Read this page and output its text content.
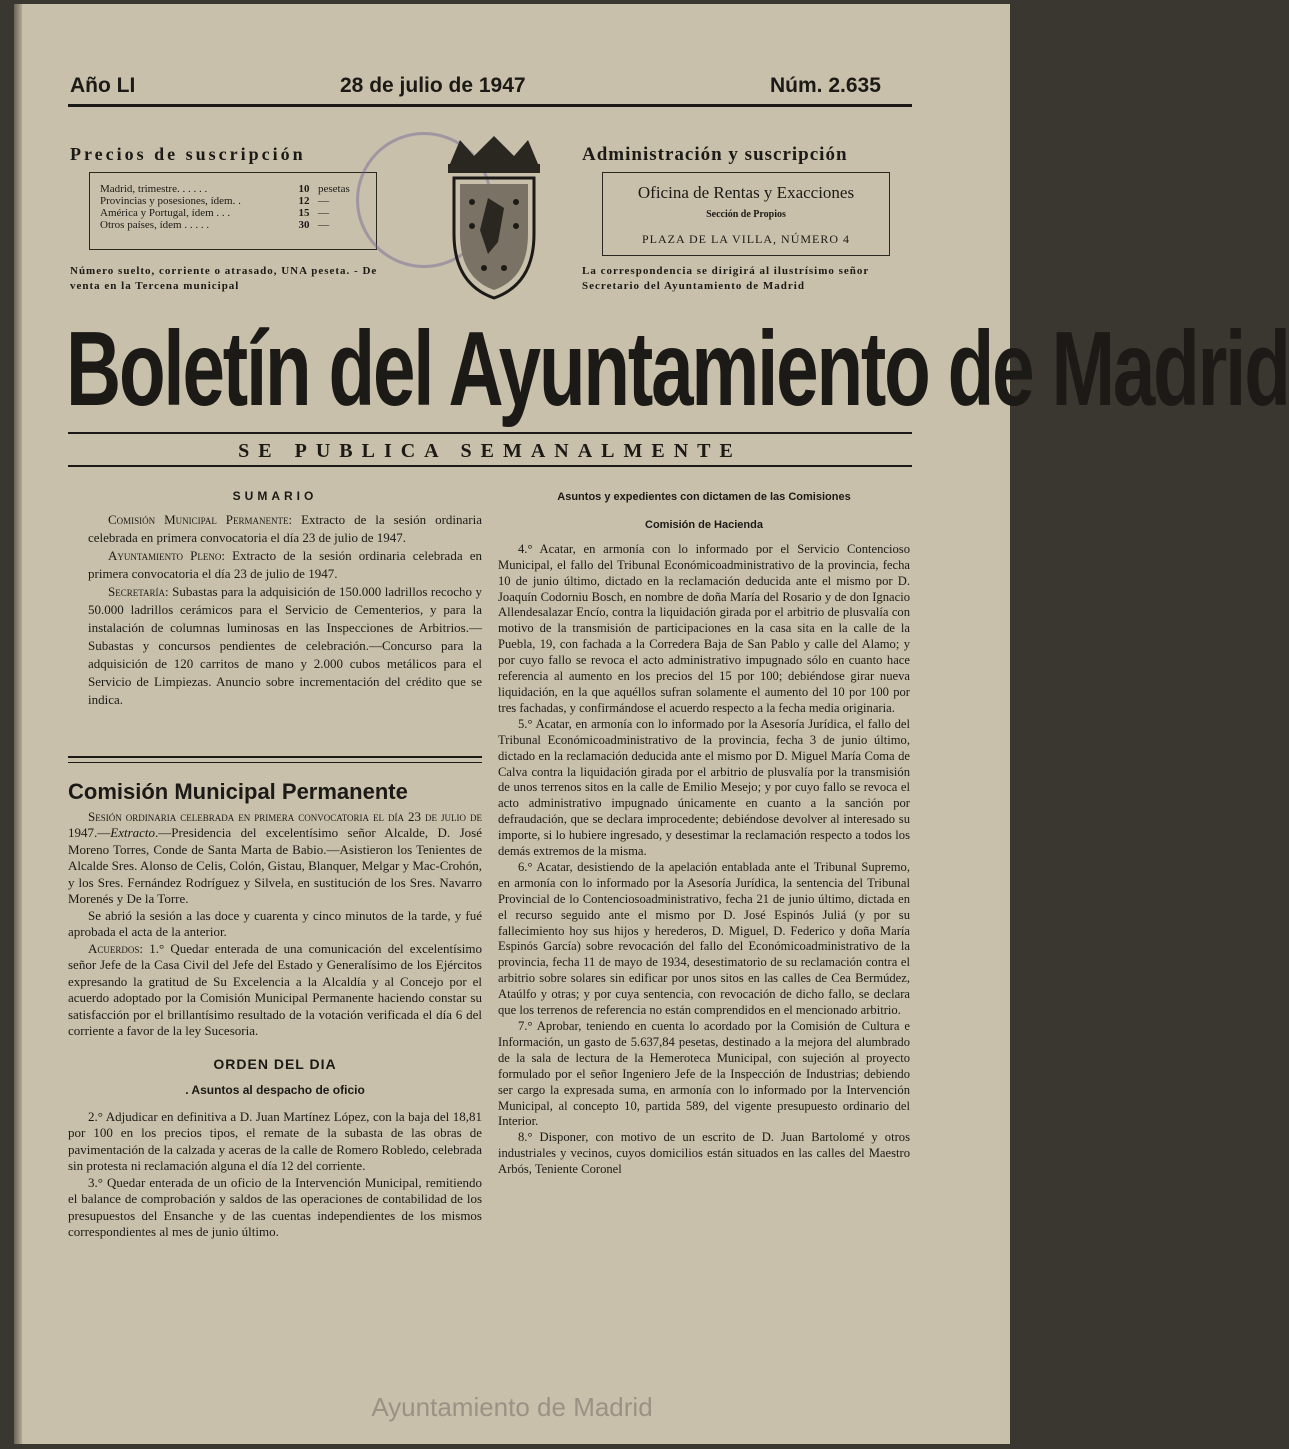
Año LI	28 de julio de 1947	Núm. 2.635
Precios de suscripción
Madrid, trimestre. . . . . .	10 pesetas
Provincias y posesiones, ídem. .	12 —
América y Portugal, ídem . . .	15 —
Otros países, ídem . . . . .	30 —
Número suelto, corriente o atrasado, UNA peseta. - De venta en la Tercena municipal
Administración y suscripción
Oficina de Rentas y Exacciones
Sección de Propios
PLAZA DE LA VILLA, NÚMERO 4
La correspondencia se dirigirá al ilustrísimo señor Secretario del Ayuntamiento de Madrid
Boletín del Ayuntamiento de Madrid
SE PUBLICA SEMANALMENTE
SUMARIO

Comisión Municipal Permanente: Extracto de la sesión ordinaria celebrada en primera convocatoria el día 23 de julio de 1947.

Ayuntamiento Pleno: Extracto de la sesión ordinaria celebrada en primera convocatoria el día 23 de julio de 1947.

Secretaría: Subastas para la adquisición de 150.000 ladrillos recocho y 50.000 ladrillos cerámicos para el Servicio de Cementerios, y para la instalación de columnas luminosas en las Inspecciones de Arbitrios.—Subastas y concursos pendientes de celebración.—Concurso para la adquisición de 120 carritos de mano y 2.000 cubos metálicos para el Servicio de Limpiezas. Anuncio sobre incrementación del crédito que se indica.

Comisión Municipal Permanente

Sesión ordinaria celebrada en primera convocatoria el día 23 de julio de 1947.—Extracto.—Presidencia del excelentísimo señor Alcalde, D. José Moreno Torres, Conde de Santa Marta de Babio.—Asistieron los Tenientes de Alcalde Sres. Alonso de Celis, Colón, Gistau, Blanquer, Melgar y Mac-Crohón, y los Sres. Fernández Rodríguez y Silvela, en sustitución de los Sres. Navarro Morenés y De la Torre.

Se abrió la sesión a las doce y cuarenta y cinco minutos de la tarde, y fué aprobada el acta de la anterior.

Acuerdos: 1.° Quedar enterada de una comunicación del excelentísimo señor Jefe de la Casa Civil del Jefe del Estado y Generalísimo de los Ejércitos expresando la gratitud de Su Excelencia a la Alcaldía y al Concejo por el acuerdo adoptado por la Comisión Municipal Permanente haciendo constar su satisfacción por el brillantísimo resultado de la votación verificada el día 6 del corriente a favor de la ley Sucesoria.

ORDEN DEL DIA
. Asuntos al despacho de oficio

2.° Adjudicar en definitiva a D. Juan Martínez López, con la baja del 18,81 por 100 en los precios tipos, el remate de la subasta de las obras de pavimentación de la calzada y aceras de la calle de Romero Robledo, celebrada sin protesta ni reclamación alguna el día 12 del corriente.

3.° Quedar enterada de un oficio de la Intervención Municipal, remitiendo el balance de comprobación y saldos de las operaciones de contabilidad de los presupuestos del Ensanche y de las cuentas independientes de los mismos correspondientes al mes de junio último.

Asuntos y expedientes con dictamen de las Comisiones
Comisión de Hacienda

4.° Acatar, en armonía con lo informado por el Servicio Contencioso Municipal, el fallo del Tribunal Económicoadministrativo de la provincia, fecha 10 de junio último, dictado en la reclamación deducida ante el mismo por D. Joaquín Codorniu Bosch, en nombre de doña María del Rosario y de don Ignacio Allendesalazar Encío, contra la liquidación girada por el arbitrio de plusvalía con motivo de la transmisión de participaciones en la casa sita en la calle de la Puebla, 19, con fachada a la Corredera Baja de San Pablo y calle del Alamo; y por cuyo fallo se revoca el acto administrativo impugnado sólo en cuanto hace referencia al aumento en los precios del 15 por 100; debiéndose girar nueva liquidación, en la que aquéllos sufran solamente el aumento del 10 por 100 por tres fachadas, y confirmándose el acuerdo respecto a la fecha media originaria.

5.° Acatar, en armonía con lo informado por la Asesoría Jurídica, el fallo del Tribunal Económicoadministrativo de la provincia, fecha 3 de junio último, dictado en la reclamación deducida ante el mismo por D. Miguel María Coma de Calva contra la liquidación girada por el arbitrio de plusvalía por la transmisión de unos terrenos sitos en la calle de Emilio Mesejo; y por cuyo fallo se revoca el acto administrativo impugnado únicamente en cuanto a la sanción por defraudación, que se declara improcedente; debiéndose devolver al interesado su importe, si lo hubiere ingresado, y desestimar la reclamación respecto a todos los demás extremos de la misma.

6.° Acatar, desistiendo de la apelación entablada ante el Tribunal Supremo, en armonía con lo informado por la Asesoría Jurídica, la sentencia del Tribunal Provincial de lo Contenciosoadministrativo, fecha 21 de junio último, dictada en el recurso seguido ante el mismo por D. José Espinós Juliá (y por su fallecimiento hoy sus hijos y herederos, D. Miguel, D. Federico y doña María Espinós García) sobre revocación del fallo del Económicoadministrativo de la provincia, fecha 11 de mayo de 1934, desestimatorio de su reclamación contra el arbitrio sobre solares sin edificar por unos sitos en las calles de Cea Bermúdez, Ataúlfo y otras; y por cuya sentencia, con revocación de dicho fallo, se declara que los terrenos de referencia no están comprendidos en el mencionado arbitrio.

7.° Aprobar, teniendo en cuenta lo acordado por la Comisión de Cultura e Información, un gasto de 5.637,84 pesetas, destinado a la mejora del alumbrado de la sala de lectura de la Hemeroteca Municipal, con sujeción al proyecto formulado por el señor Ingeniero Jefe de la Inspección de Industrias; debiendo ser cargo la expresada suma, en armonía con lo informado por la Intervención Municipal, al concepto 10, partida 589, del vigente presupuesto ordinario del Interior.

8.° Disponer, con motivo de un escrito de D. Juan Bartolomé y otros industriales y vecinos, cuyos domicilios están situados en las calles del Maestro Arbós, Teniente Coronel

Ayuntamiento de Madrid
